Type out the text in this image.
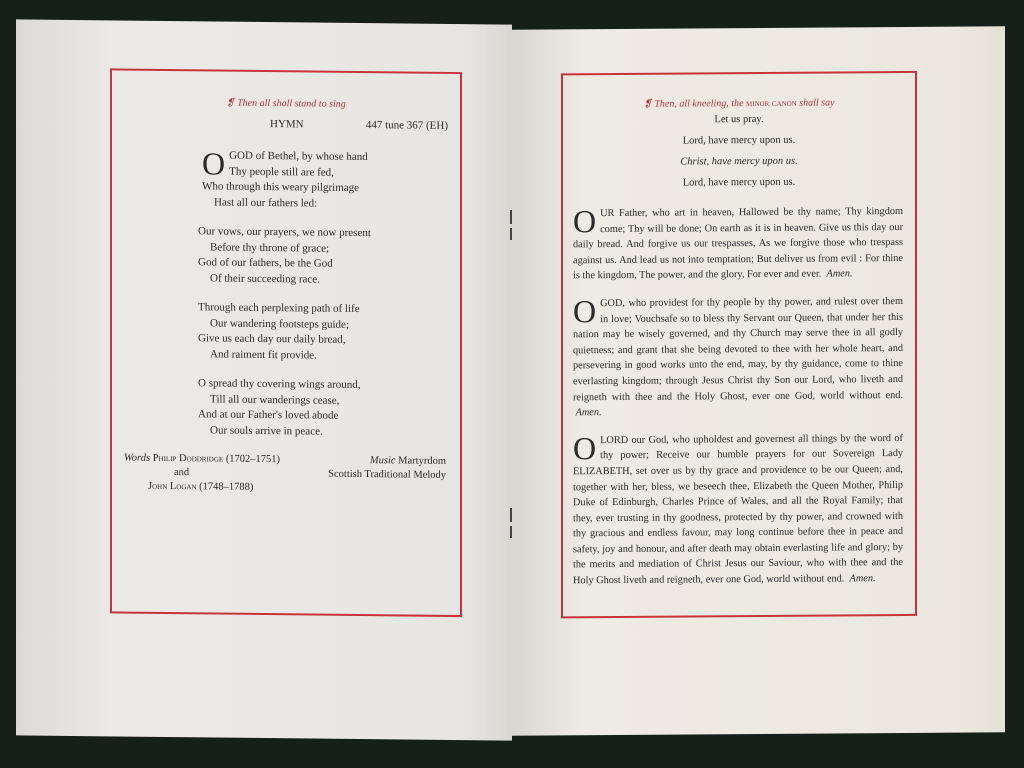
❡ Then all shall stand to sing
HYMN	447 tune 367 (EH)
O GOD of Bethel, by whose hand
Thy people still are fed,
Who through this weary pilgrimage
Hast all our fathers led:
Our vows, our prayers, we now present
Before thy throne of grace;
God of our fathers, be the God
Of their succeeding race.
Through each perplexing path of life
Our wandering footsteps guide;
Give us each day our daily bread,
And raiment fit provide.
O spread thy covering wings around,
Till all our wanderings cease,
And at our Father's loved abode
Our souls arrive in peace.
Words Philip Doddridge (1702–1751)
and
John Logan (1748–1788)
Music Martyrdom
Scottish Traditional Melody
❡ Then, all kneeling, the minor canon shall say
Let us pray.
Lord, have mercy upon us.
Christ, have mercy upon us.
Lord, have mercy upon us.
OUR Father, who art in heaven, Hallowed be thy name; Thy kingdom come; Thy will be done; On earth as it is in heaven. Give us this day our daily bread. And forgive us our trespasses, As we forgive those who trespass against us. And lead us not into temptation; But deliver us from evil : For thine is the kingdom, The power, and the glory, For ever and ever. Amen.
OGOD, who providest for thy people by thy power, and rulest over them in love; Vouchsafe so to bless thy Servant our Queen, that under her this nation may be wisely governed, and thy Church may serve thee in all godly quietness; and grant that she being devoted to thee with her whole heart, and persevering in good works unto the end, may, by thy guidance, come to thine everlasting kingdom; through Jesus Christ thy Son our Lord, who liveth and reigneth with thee and the Holy Ghost, ever one God, world without end.  Amen.
OLORD our God, who upholdest and governest all things by the word of thy power; Receive our humble prayers for our Sovereign Lady ELIZABETH, set over us by thy grace and providence to be our Queen; and, together with her, bless, we beseech thee, Elizabeth the Queen Mother, Philip Duke of Edinburgh, Charles Prince of Wales, and all the Royal Family; that they, ever trusting in thy goodness, protected by thy power, and crowned with thy gracious and endless favour, may long continue before thee in peace and safety, joy and honour, and after death may obtain everlasting life and glory; by the merits and mediation of Christ Jesus our Saviour, who with thee and the Holy Ghost liveth and reigneth, ever one God, world without end. Amen.
